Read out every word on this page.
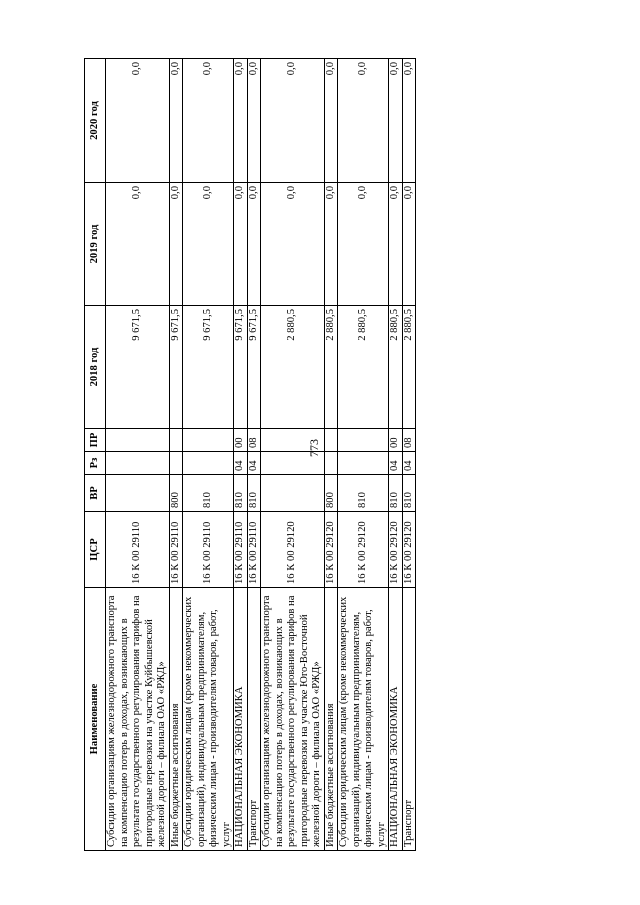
773
Наименование	ЦСР	ВР	Рз	ПР	2018 год	2019 год	2020 год
Субсидии организациям железнодорожного транспорта на компенсацию потерь в доходах, возникающих в результате государственного регулирования тарифов на пригородные перевозки на участке Куйбышевской железной дороги – филиала ОАО «РЖД»	16 К 00 29110				9 671,5	0,0	0,0
Иные бюджетные ассигнования	16 К 00 29110	800			9 671,5	0,0	0,0
Субсидии юридическим лицам (кроме некоммерческих организаций), индивидуальным предпринимателям, физическим лицам - производителям товаров, работ, услуг	16 К 00 29110	810			9 671,5	0,0	0,0
НАЦИОНАЛЬНАЯ ЭКОНОМИКА	16 К 00 29110	810	04	00	9 671,5	0,0	0,0
Транспорт	16 К 00 29110	810	04	08	9 671,5	0,0	0,0
Субсидии организациям железнодорожного транспорта на компенсацию потерь в доходах, возникающих в результате государственного регулирования тарифов на пригородные перевозки на участке Юго-Восточной железной дороги – филиала ОАО «РЖД»	16 К 00 29120				2 880,5	0,0	0,0
Иные бюджетные ассигнования	16 К 00 29120	800			2 880,5	0,0	0,0
Субсидии юридическим лицам (кроме некоммерческих организаций), индивидуальным предпринимателям, физическим лицам - производителям товаров, работ, услуг	16 К 00 29120	810			2 880,5	0,0	0,0
НАЦИОНАЛЬНАЯ ЭКОНОМИКА	16 К 00 29120	810	04	00	2 880,5	0,0	0,0
Транспорт	16 К 00 29120	810	04	08	2 880,5	0,0	0,0
